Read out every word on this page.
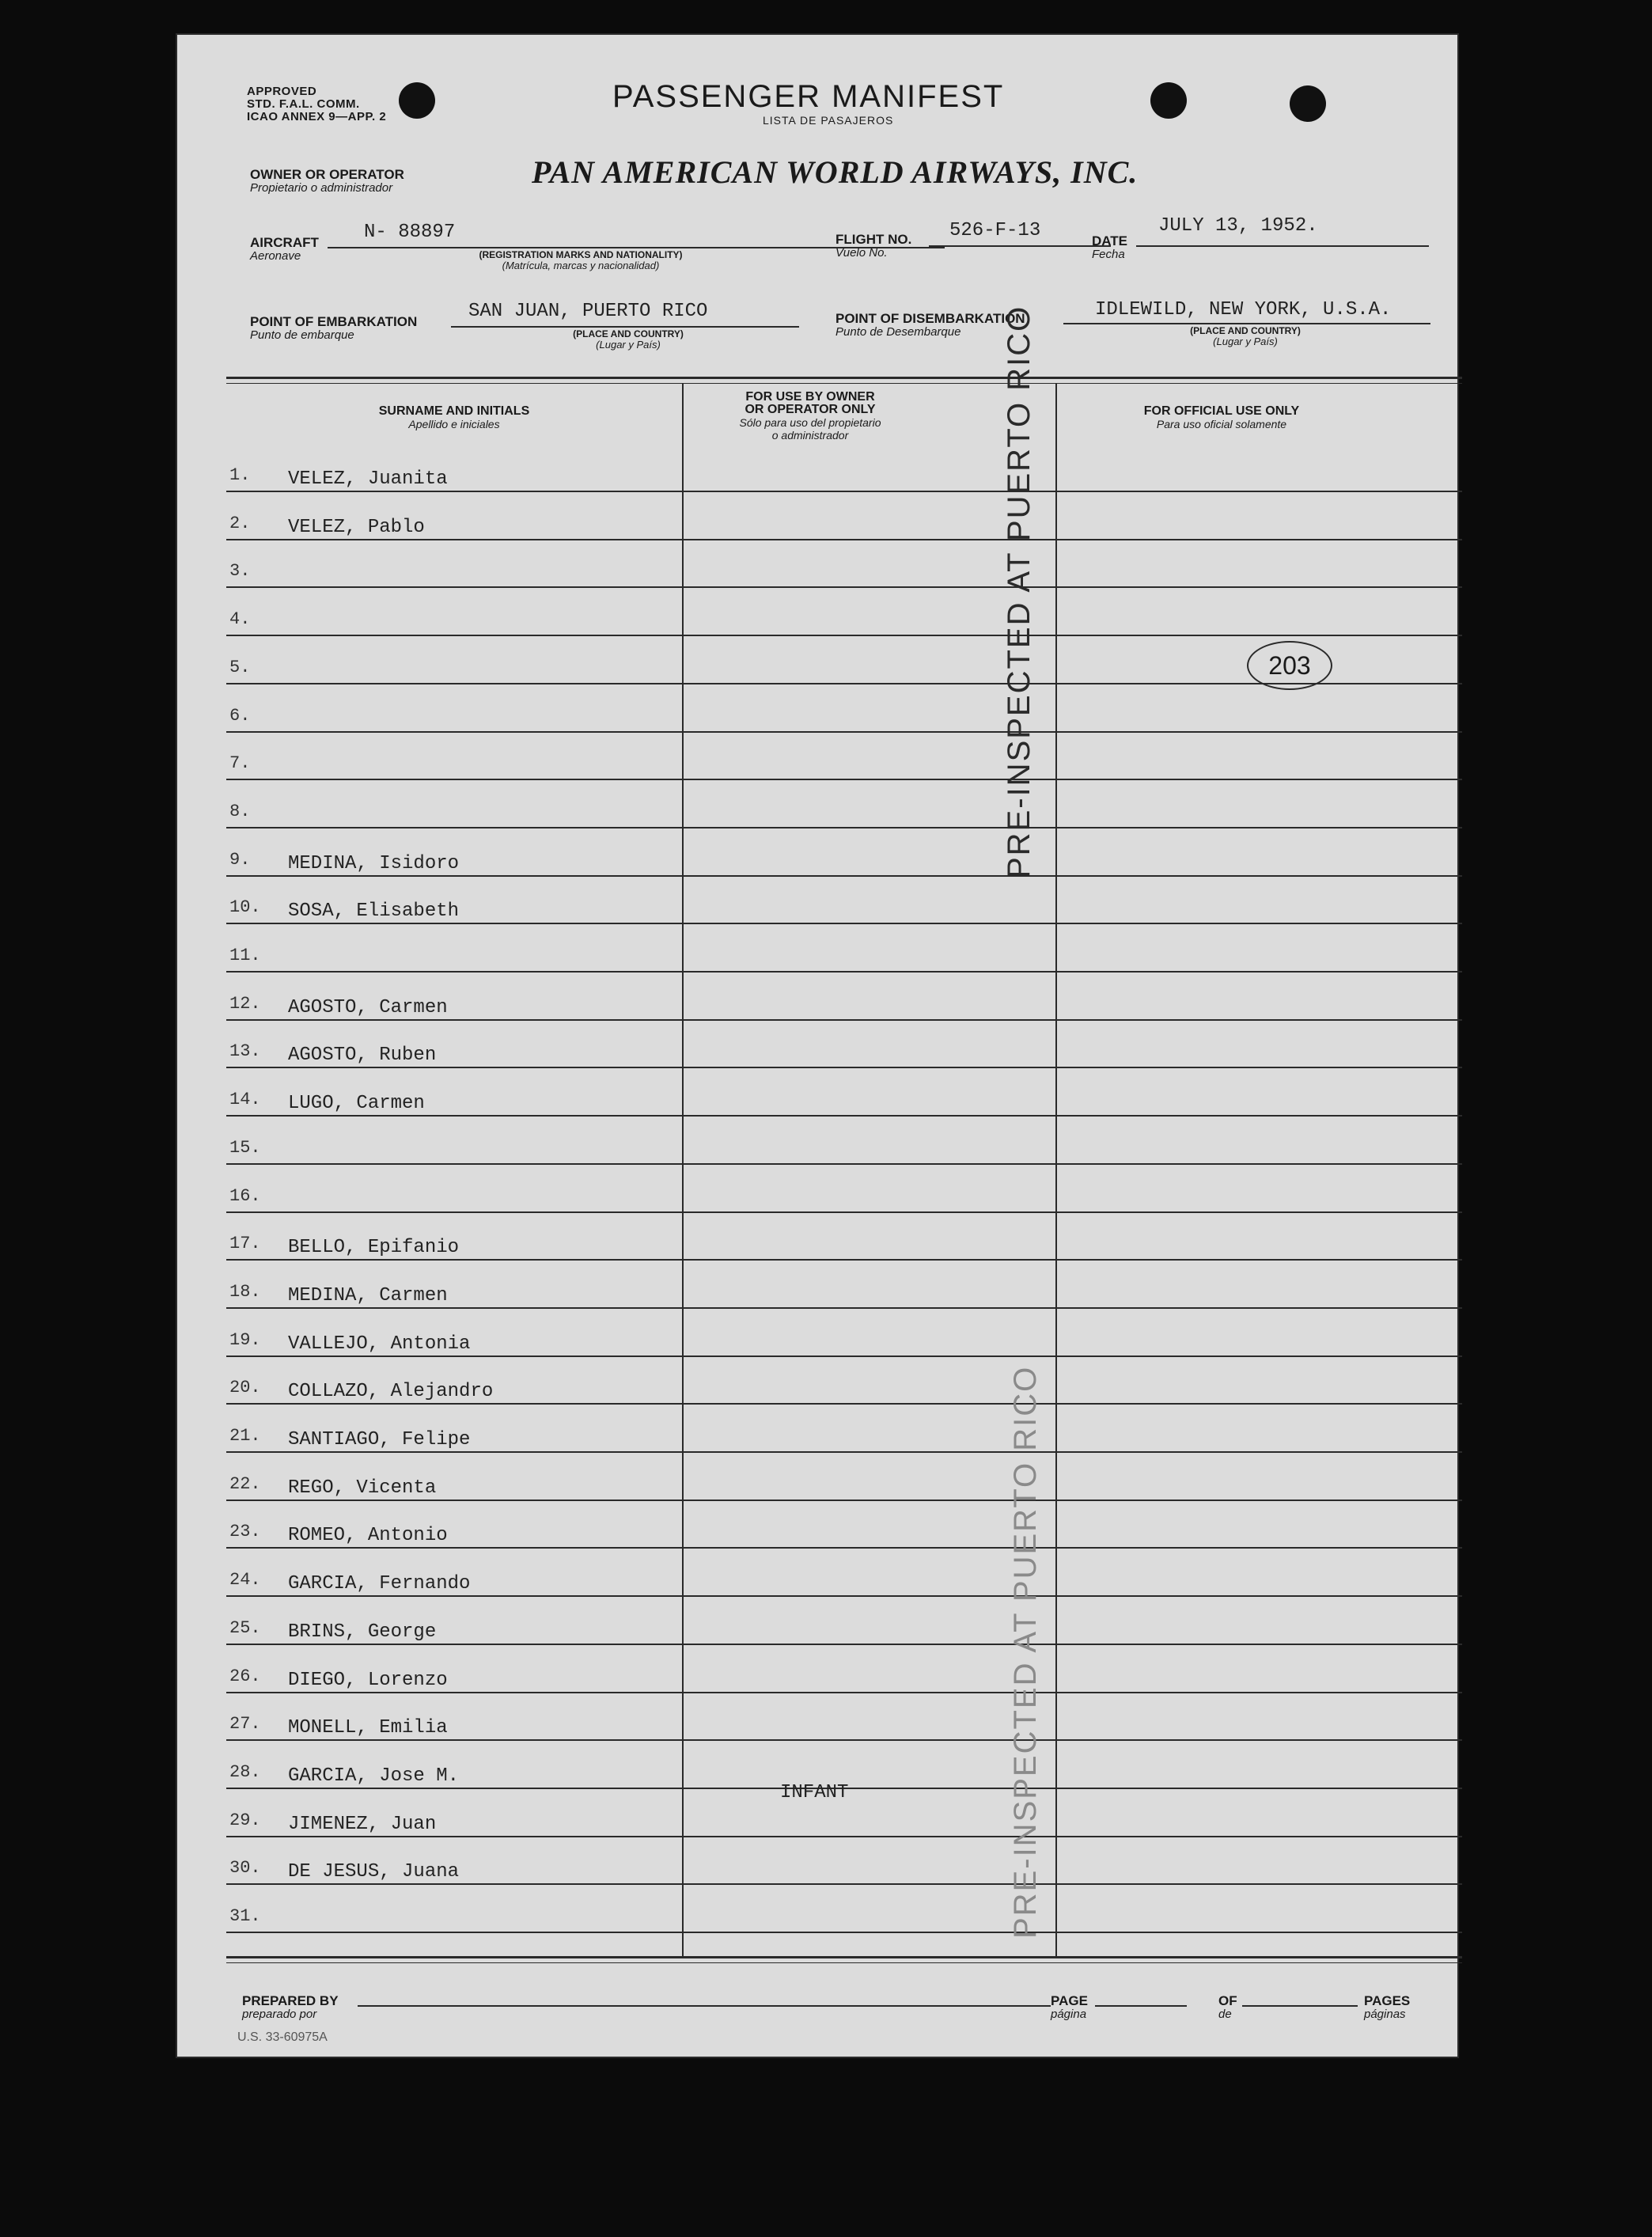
APPROVED
STD. F.A.L. COMM.
ICAO ANNEX 9—APP. 2
PASSENGER MANIFEST
LISTA DE PASAJEROS
OWNER OR OPERATOR
Propietario o administrador	PAN AMERICAN WORLD AIRWAYS, INC.
AIRCRAFT
Aeronave
N- 88897
(REGISTRATION MARKS AND NATIONALITY)
(Matrícula, marcas y nacionalidad)
FLIGHT NO.
Vuelo No.
526-F-13	DATE
Fecha
JULY 13, 1952.
POINT OF EMBARKATION
Punto de embarque
SAN JUAN, PUERTO RICO
(PLACE AND COUNTRY)
(Lugar y País)
POINT OF DISEMBARKATION
Punto de Desembarque
IDLEWILD, NEW YORK, U.S.A.
(PLACE AND COUNTRY)
(Lugar y País)
SURNAME AND INITIALS
Apellido e iniciales
FOR USE BY OWNER
OR OPERATOR ONLY
Sólo para uso del propietario
o administrador
FOR OFFICIAL USE ONLY
Para uso oficial solamente
1. VELEZ, Juanita
2. VELEZ, Pablo
3.
4.
5.
6.
7.
8.
9. MEDINA, Isidoro
10. SOSA, Elisabeth
11.
12. AGOSTO, Carmen
13. AGOSTO, Ruben
14. LUGO, Carmen
15.
16.
17. BELLO, Epifanio
18. MEDINA, Carmen
19. VALLEJO, Antonia
20. COLLAZO, Alejandro
21. SANTIAGO, Felipe
22. REGO, Vicenta
23. ROMEO, Antonio
24. GARCIA, Fernando
25. BRINS, George
26. DIEGO, Lorenzo
27. MONELL, Emilia
28. GARCIA, Jose M.
29. JIMENEZ, Juan
30. DE JESUS, Juana
31.
INFANT
203
PRE-INSPECTED AT PUERTO RICO
PRE-INSPECTED AT PUERTO RICO
PREPARED BY
preparado por
PAGE
página
OF
de
PAGES
páginas
U.S. 33-60975A
